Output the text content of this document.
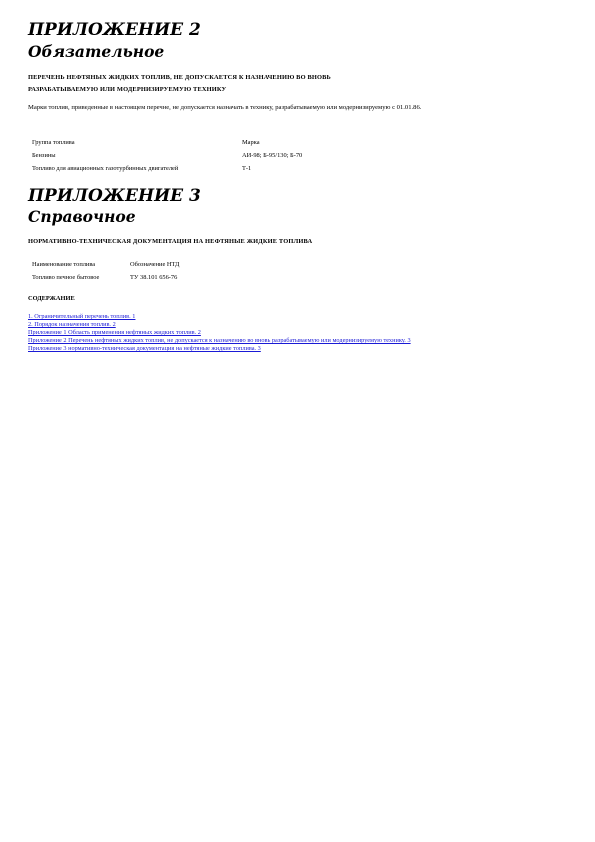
ПРИЛОЖЕНИЕ 2
Обязательное
ПЕРЕЧЕНЬ НЕФТЯНЫХ ЖИДКИХ ТОПЛИВ, НЕ ДОПУСКАЕТСЯ К НАЗНАЧЕНИЮ ВО ВНОВЬ
РАЗРАБАТЫВАЕМУЮ ИЛИ МОДЕРНИЗИРУЕМУЮ ТЕХНИКУ
Марки топлив, приведенные в настоящем перечне, не допускается назначать в технику, разрабатываемую или модернизируемую с 01.01.86.
Группа топлива	Марка
Бензины	АИ-98; Б-95/130; Б-70
Топливо для авиационных газотурбинных двигателей	Т-1
ПРИЛОЖЕНИЕ 3
Справочное
НОРМАТИВНО-ТЕХНИЧЕСКАЯ ДОКУМЕНТАЦИЯ НА НЕФТЯНЫЕ ЖИДКИЕ ТОПЛИВА
Наименование топлива	Обозначение НТД
Топливо печное бытовое	ТУ 38.101 656-76
СОДЕРЖАНИЕ
1. Ограничительный перечень топлив. 1
2. Порядок назначения топлив. 2
Приложение 1 Область применения нефтяных жидких топлив. 2
Приложение 2 Перечень нефтяных жидких топлив, не допускается к назначению во вновь разрабатываемую или модернизируемую технику. 3
Приложение 3 нормативно-техническая документация на нефтяные жидкие топлива. 3
